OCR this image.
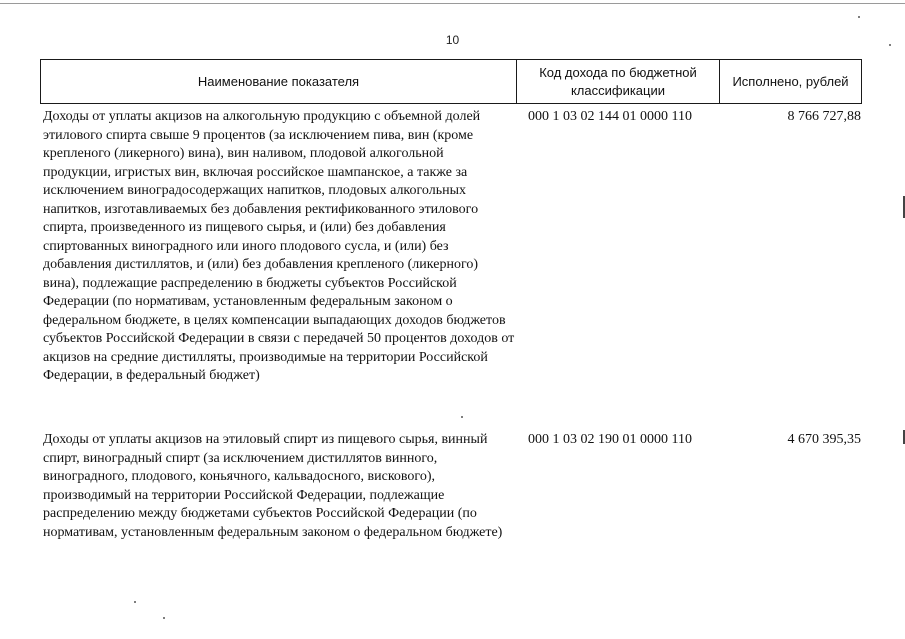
10
Наименование показателя
Код дохода по бюджетной классификации
Исполнено, рублей
Доходы от уплаты акцизов на алкогольную продукцию с объемной долей этилового спирта свыше 9 процентов (за исключением пива, вин (кроме крепленого (ликерного) вина), вин наливом, плодовой алкогольной продукции, игристых вин, включая российское шампанское, а также за исключением виноградосодержащих напитков, плодовых алкогольных напитков, изготавливаемых без добавления ректификованного этилового спирта, произведенного из пищевого сырья, и (или) без добавления спиртованных виноградного или иного плодового сусла, и (или) без добавления дистиллятов, и (или) без добавления крепленого (ликерного) вина), подлежащие распределению в бюджеты субъектов Российской Федерации (по нормативам, установленным федеральным законом о федеральном бюджете, в целях компенсации выпадающих доходов бюджетов субъектов Российской Федерации в связи с передачей 50 процентов доходов от акцизов на средние дистилляты, производимые на территории Российской Федерации, в федеральный бюджет)
000 1 03 02 144 01 0000 110	8 766 727,88
Доходы от уплаты акцизов на этиловый спирт из пищевого сырья, винный спирт, виноградный спирт (за исключением дистиллятов винного, виноградного, плодового, коньячного, кальвадосного, вискового), производимый на территории Российской Федерации, подлежащие распределению между бюджетами субъектов Российской Федерации (по нормативам, установленным федеральным законом о федеральном бюджете)
000 1 03 02 190 01 0000 110	4 670 395,35
